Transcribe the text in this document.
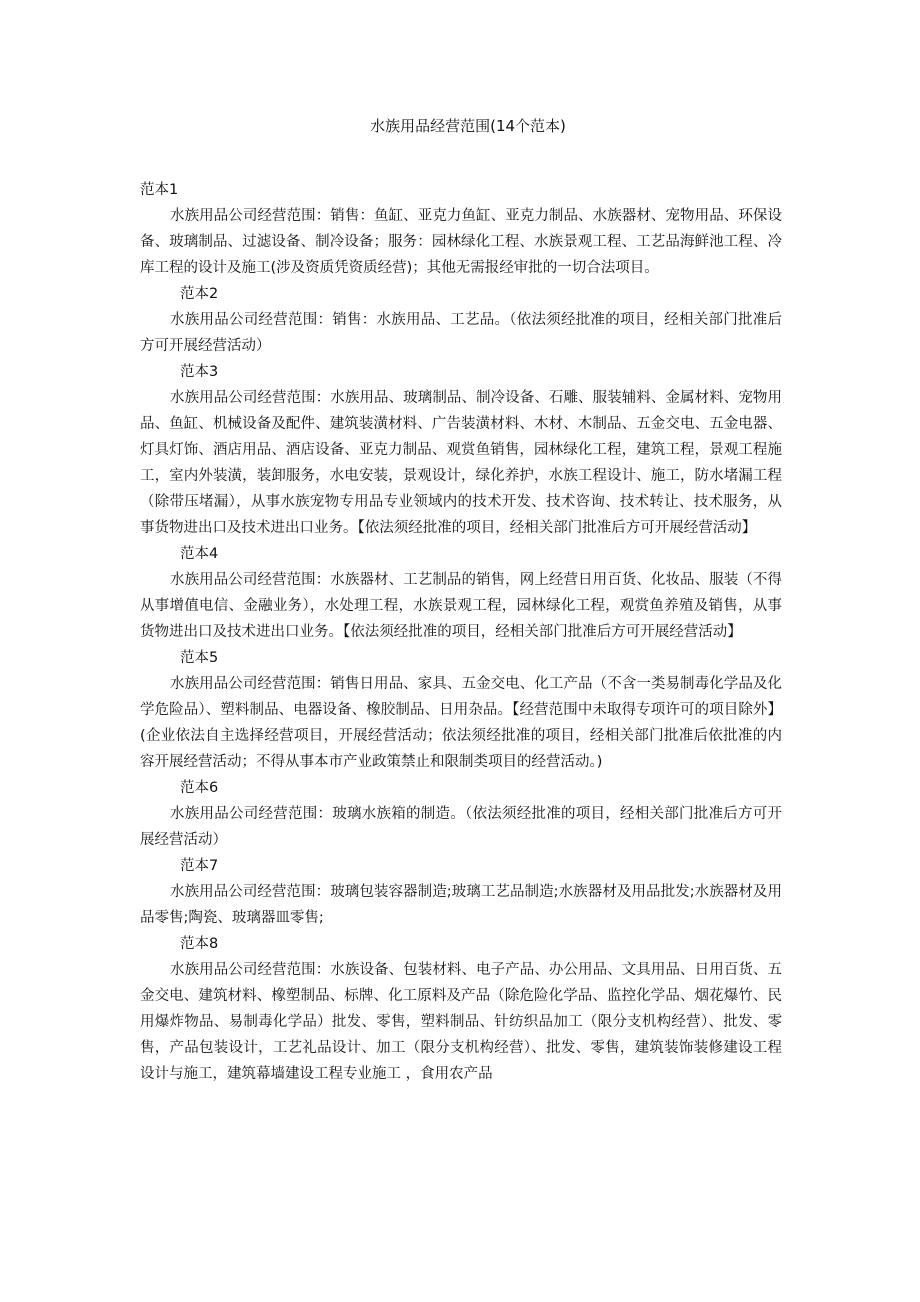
水族用品经营范围(14个范本)
范本1
水族用品公司经营范围：销售：鱼缸、亚克力鱼缸、亚克力制品、水族器材、宠物用品、环保设备、玻璃制品、过滤设备、制冷设备；服务：园林绿化工程、水族景观工程、工艺品海鲜池工程、冷库工程的设计及施工(涉及资质凭资质经营)；其他无需报经审批的一切合法项目。
范本2
水族用品公司经营范围：销售：水族用品、工艺品。（依法须经批准的项目，经相关部门批准后方可开展经营活动）
范本3
水族用品公司经营范围：水族用品、玻璃制品、制冷设备、石雕、服装辅料、金属材料、宠物用品、鱼缸、机械设备及配件、建筑装潢材料、广告装潢材料、木材、木制品、五金交电、五金电器、灯具灯饰、酒店用品、酒店设备、亚克力制品、观赏鱼销售，园林绿化工程，建筑工程，景观工程施工，室内外装潢，装卸服务，水电安装，景观设计，绿化养护，水族工程设计、施工，防水堵漏工程（除带压堵漏），从事水族宠物专用品专业领域内的技术开发、技术咨询、技术转让、技术服务，从事货物进出口及技术进出口业务。【依法须经批准的项目，经相关部门批准后方可开展经营活动】
范本4
水族用品公司经营范围：水族器材、工艺制品的销售，网上经营日用百货、化妆品、服装（不得从事增值电信、金融业务），水处理工程，水族景观工程，园林绿化工程，观赏鱼养殖及销售，从事货物进出口及技术进出口业务。【依法须经批准的项目，经相关部门批准后方可开展经营活动】
范本5
水族用品公司经营范围：销售日用品、家具、五金交电、化工产品（不含一类易制毒化学品及化学危险品）、塑料制品、电器设备、橡胶制品、日用杂品。【经营范围中未取得专项许可的项目除外】(企业依法自主选择经营项目，开展经营活动；依法须经批准的项目，经相关部门批准后依批准的内容开展经营活动；不得从事本市产业政策禁止和限制类项目的经营活动。)
范本6
水族用品公司经营范围：玻璃水族箱的制造。（依法须经批准的项目，经相关部门批准后方可开展经营活动）
范本7
水族用品公司经营范围：玻璃包装容器制造;玻璃工艺品制造;水族器材及用品批发;水族器材及用品零售;陶瓷、玻璃器皿零售;
范本8
水族用品公司经营范围：水族设备、包装材料、电子产品、办公用品、文具用品、日用百货、五金交电、建筑材料、橡塑制品、标牌、化工原料及产品（除危险化学品、监控化学品、烟花爆竹、民用爆炸物品、易制毒化学品）批发、零售，塑料制品、针纺织品加工（限分支机构经营）、批发、零售，产品包装设计，工艺礼品设计、加工（限分支机构经营）、批发、零售，建筑装饰装修建设工程设计与施工，建筑幕墙建设工程专业施工 ，食用农产品
